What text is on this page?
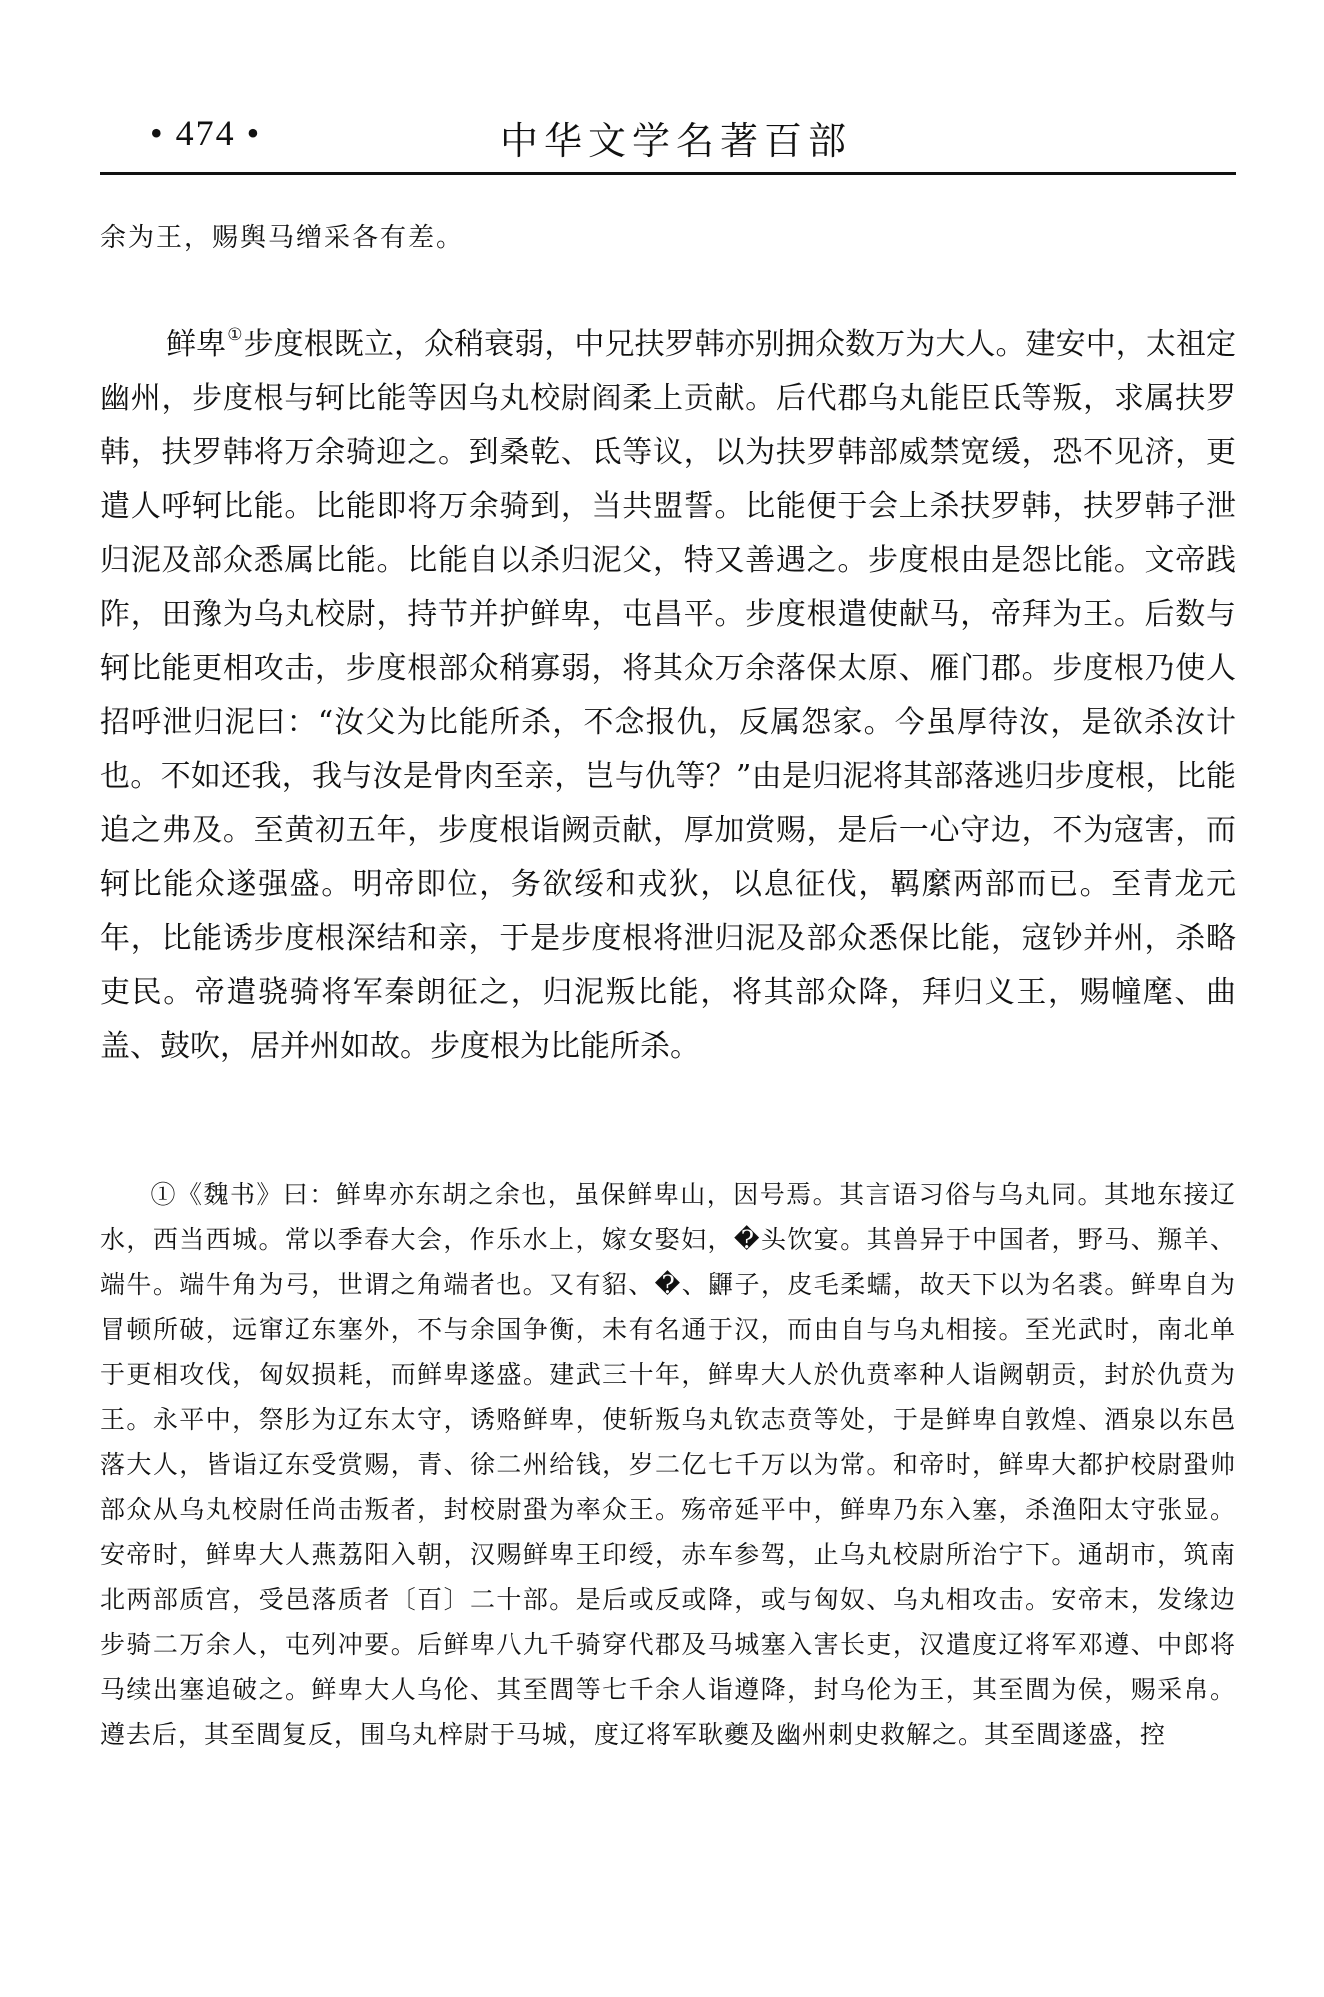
• 474 •	中华文学名著百部
余为王，赐舆马缯采各有差。
鲜卑①步度根既立，众稍衰弱，中兄扶罗韩亦别拥众数万为大人。建安中，太祖定幽州，步度根与轲比能等因乌丸校尉阎柔上贡献。后代郡乌丸能臣氐等叛，求属扶罗韩，扶罗韩将万余骑迎之。到桑乾、氐等议，以为扶罗韩部威禁宽缓，恐不见济，更遣人呼轲比能。比能即将万余骑到，当共盟誓。比能便于会上杀扶罗韩，扶罗韩子泄归泥及部众悉属比能。比能自以杀归泥父，特又善遇之。步度根由是怨比能。文帝践阼，田豫为乌丸校尉，持节并护鲜卑，屯昌平。步度根遣使献马，帝拜为王。后数与轲比能更相攻击，步度根部众稍寡弱，将其众万余落保太原、雁门郡。步度根乃使人招呼泄归泥曰：“汝父为比能所杀，不念报仇，反属怨家。今虽厚待汝，是欲杀汝计也。不如还我，我与汝是骨肉至亲，岂与仇等？”由是归泥将其部落逃归步度根，比能追之弗及。至黄初五年，步度根诣阙贡献，厚加赏赐，是后一心守边，不为寇害，而轲比能众遂强盛。明帝即位，务欲绥和戎狄，以息征伐，羁縻两部而已。至青龙元年，比能诱步度根深结和亲，于是步度根将泄归泥及部众悉保比能，寇钞并州，杀略吏民。帝遣骁骑将军秦朗征之，归泥叛比能，将其部众降，拜归义王，赐幢麾、曲盖、鼓吹，居并州如故。步度根为比能所杀。
①《魏书》曰：鲜卑亦东胡之余也，虽保鲜卑山，因号焉。其言语习俗与乌丸同。其地东接辽水，西当西城。常以季春大会，作乐水上，嫁女娶妇，�头饮宴。其兽异于中国者，野马、羱羊、端牛。端牛角为弓，世谓之角端者也。又有貂、�、鼲子，皮毛柔蠕，故天下以为名裘。鲜卑自为冒顿所破，远窜辽东塞外，不与余国争衡，未有名通于汉，而由自与乌丸相接。至光武时，南北单于更相攻伐，匈奴损耗，而鲜卑遂盛。建武三十年，鲜卑大人於仇贲率种人诣阙朝贡，封於仇贲为王。永平中，祭肜为辽东太守，诱赂鲜卑，使斩叛乌丸钦志贲等处，于是鲜卑自敦煌、酒泉以东邑落大人，皆诣辽东受赏赐，青、徐二州给钱，岁二亿七千万以为常。和帝时，鲜卑大都护校尉蛩帅部众从乌丸校尉任尚击叛者，封校尉蛩为率众王。殇帝延平中，鲜卑乃东入塞，杀渔阳太守张显。安帝时，鲜卑大人燕荔阳入朝，汉赐鲜卑王印绶，赤车参驾，止乌丸校尉所治宁下。通胡市，筑南北两部质宫，受邑落质者〔百〕二十部。是后或反或降，或与匈奴、乌丸相攻击。安帝末，发缘边步骑二万余人，屯列冲要。后鲜卑八九千骑穿代郡及马城塞入害长吏，汉遣度辽将军邓遵、中郎将马续出塞追破之。鲜卑大人乌伦、其至閭等七千余人诣遵降，封乌伦为王，其至閭为侯，赐采帛。遵去后，其至閭复反，围乌丸梓尉于马城，度辽将军耿夔及幽州刺史救解之。其至閭遂盛，控
